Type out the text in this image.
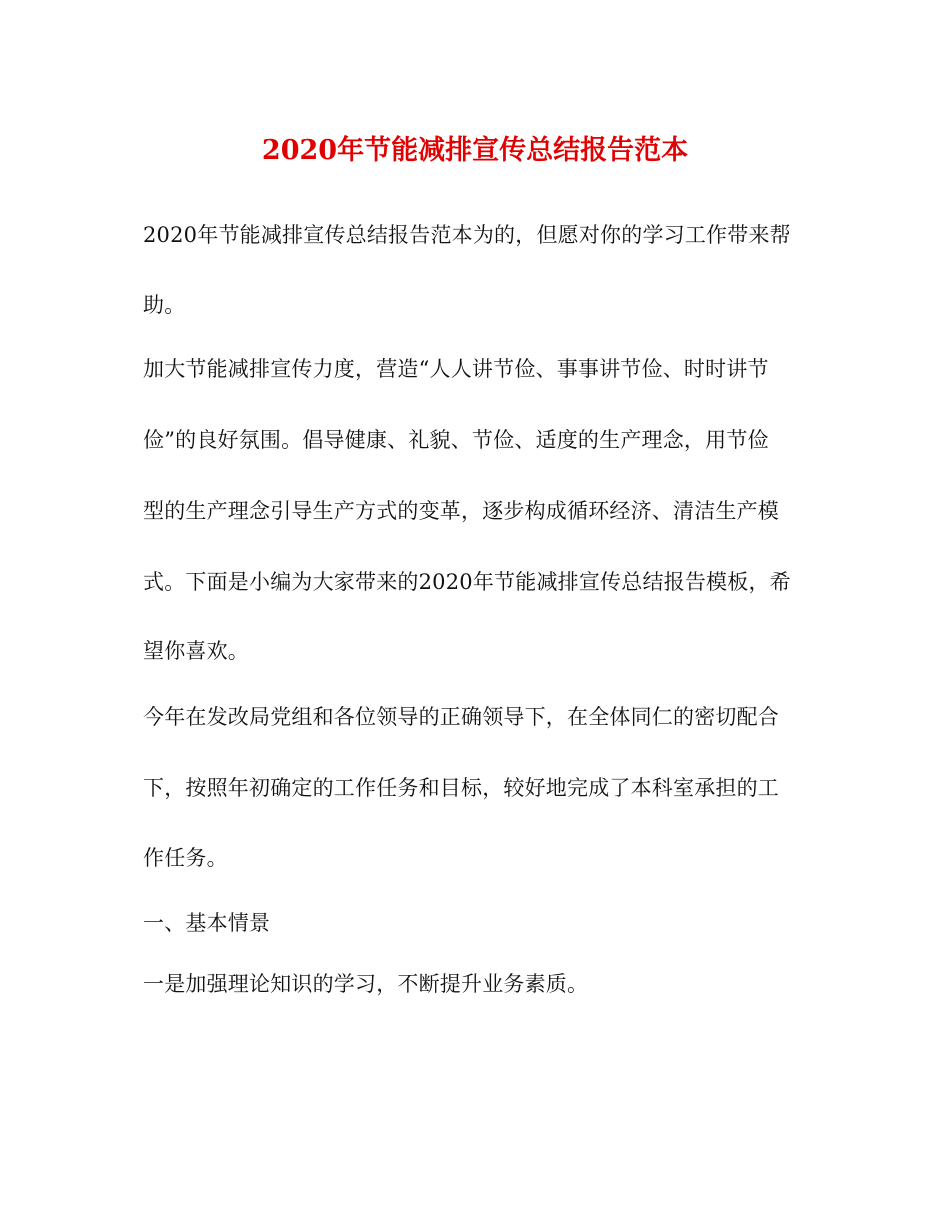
2020年节能减排宣传总结报告范本
2020年节能减排宣传总结报告范本为的，但愿对你的学习工作带来帮
助。
加大节能减排宣传力度，营造“人人讲节俭、事事讲节俭、时时讲节
俭”的良好氛围。倡导健康、礼貌、节俭、适度的生产理念，用节俭
型的生产理念引导生产方式的变革，逐步构成循环经济、清洁生产模
式。下面是小编为大家带来的2020年节能减排宣传总结报告模板，希
望你喜欢。
今年在发改局党组和各位领导的正确领导下，在全体同仁的密切配合
下，按照年初确定的工作任务和目标，较好地完成了本科室承担的工
作任务。
一、基本情景
一是加强理论知识的学习，不断提升业务素质。
